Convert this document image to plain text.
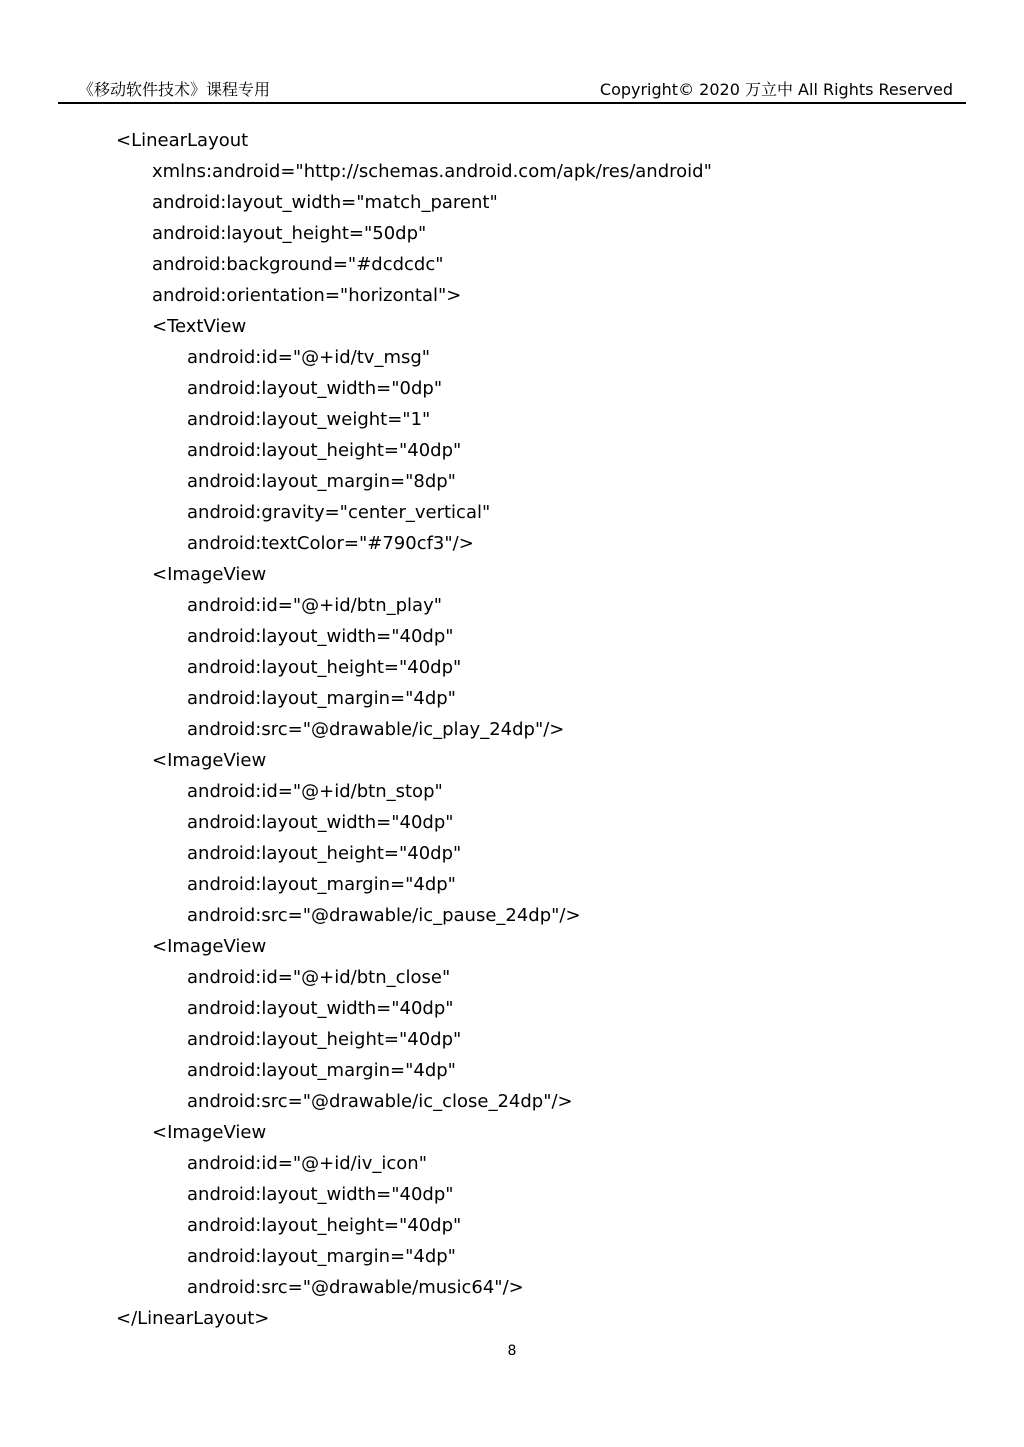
《移动软件技术》课程专用	Copyright© 2020 万立中 All Rights Reserved
<LinearLayout
xmlns:android="http://schemas.android.com/apk/res/android"
android:layout_width="match_parent"
android:layout_height="50dp"
android:background="#dcdcdc"
android:orientation="horizontal">
<TextView
android:id="@+id/tv_msg"
android:layout_width="0dp"
android:layout_weight="1"
android:layout_height="40dp"
android:layout_margin="8dp"
android:gravity="center_vertical"
android:textColor="#790cf3"/>
<ImageView
android:id="@+id/btn_play"
android:layout_width="40dp"
android:layout_height="40dp"
android:layout_margin="4dp"
android:src="@drawable/ic_play_24dp"/>
<ImageView
android:id="@+id/btn_stop"
android:layout_width="40dp"
android:layout_height="40dp"
android:layout_margin="4dp"
android:src="@drawable/ic_pause_24dp"/>
<ImageView
android:id="@+id/btn_close"
android:layout_width="40dp"
android:layout_height="40dp"
android:layout_margin="4dp"
android:src="@drawable/ic_close_24dp"/>
<ImageView
android:id="@+id/iv_icon"
android:layout_width="40dp"
android:layout_height="40dp"
android:layout_margin="4dp"
android:src="@drawable/music64"/>
</LinearLayout>
8
